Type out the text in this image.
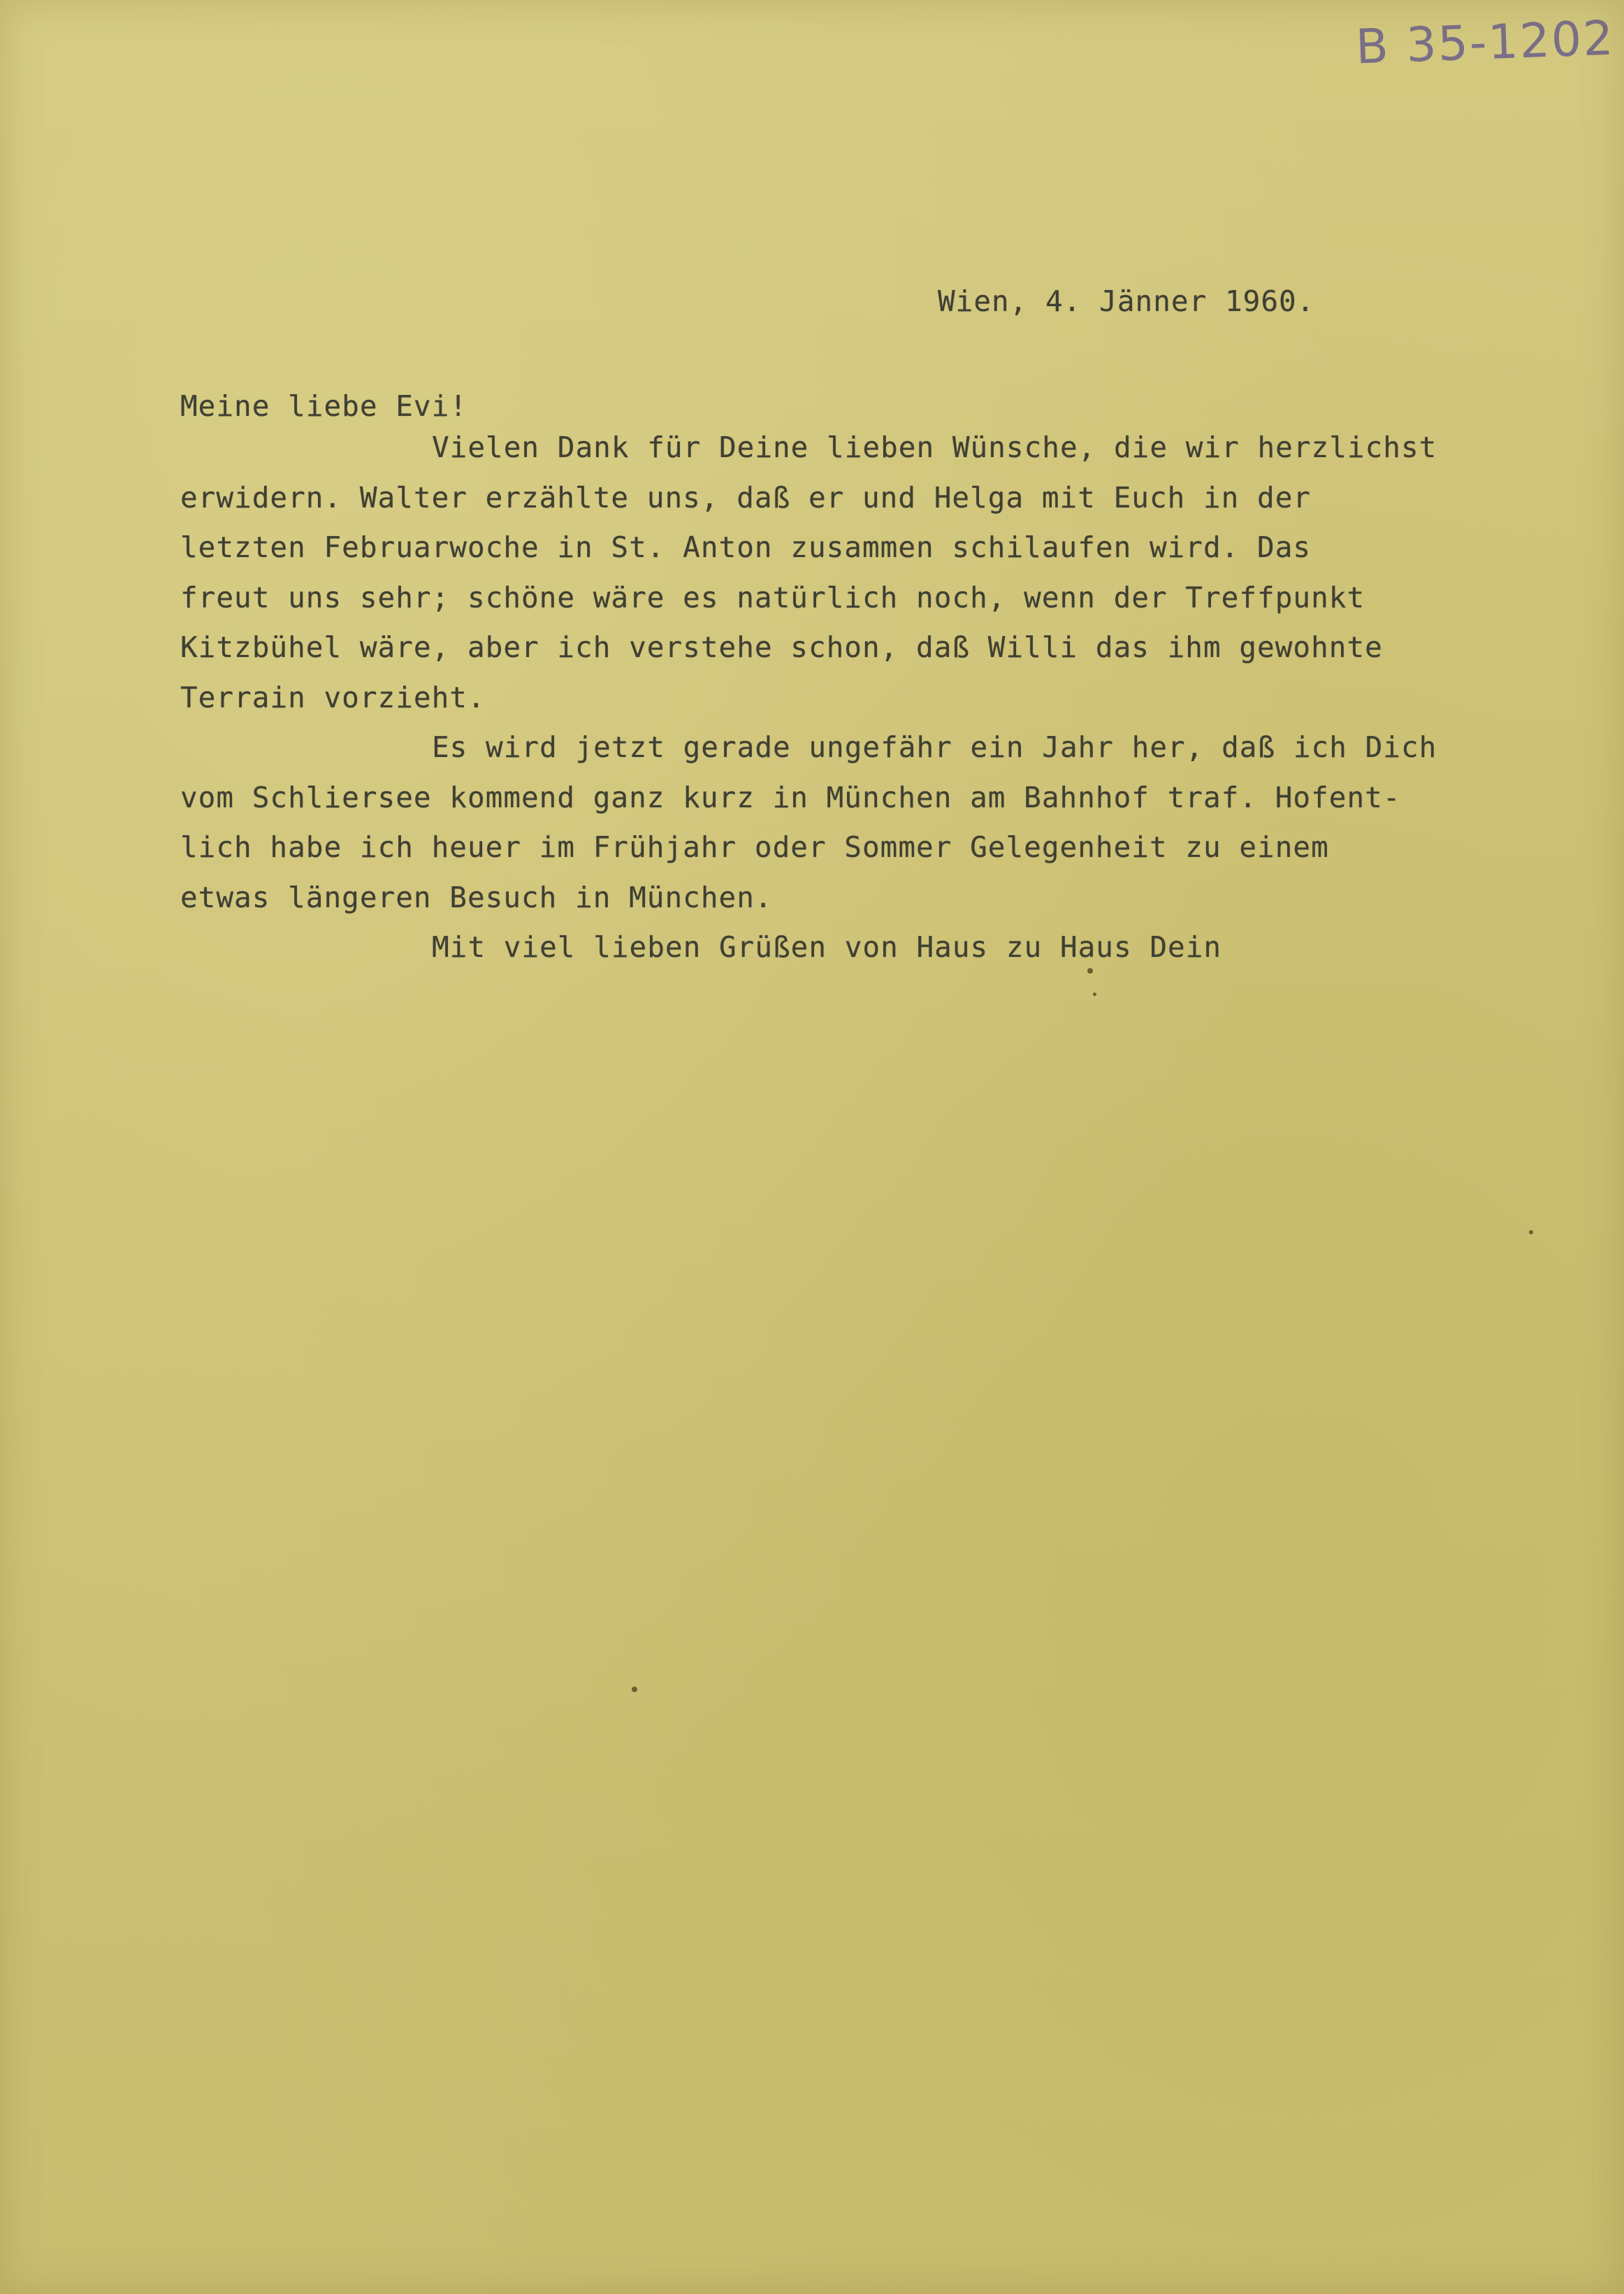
B 35-1202
Wien, 4. Jänner 1960.
Meine liebe Evi!
Vielen Dank für Deine lieben Wünsche, die wir herzlichst
erwidern. Walter erzählte uns, daß er und Helga mit Euch in der
letzten Februarwoche in St. Anton zusammen schilaufen wird. Das
freut uns sehr; schöne wäre es natürlich noch, wenn der Treffpunkt
Kitzbühel wäre, aber ich verstehe schon, daß Willi das ihm gewohnte
Terrain vorzieht.
Es wird jetzt gerade ungefähr ein Jahr her, daß ich Dich
vom Schliersee kommend ganz kurz in München am Bahnhof traf. Hofent-
lich habe ich heuer im Frühjahr oder Sommer Gelegenheit zu einem
etwas längeren Besuch in München.
Mit viel lieben Grüßen von Haus zu Haus Dein
